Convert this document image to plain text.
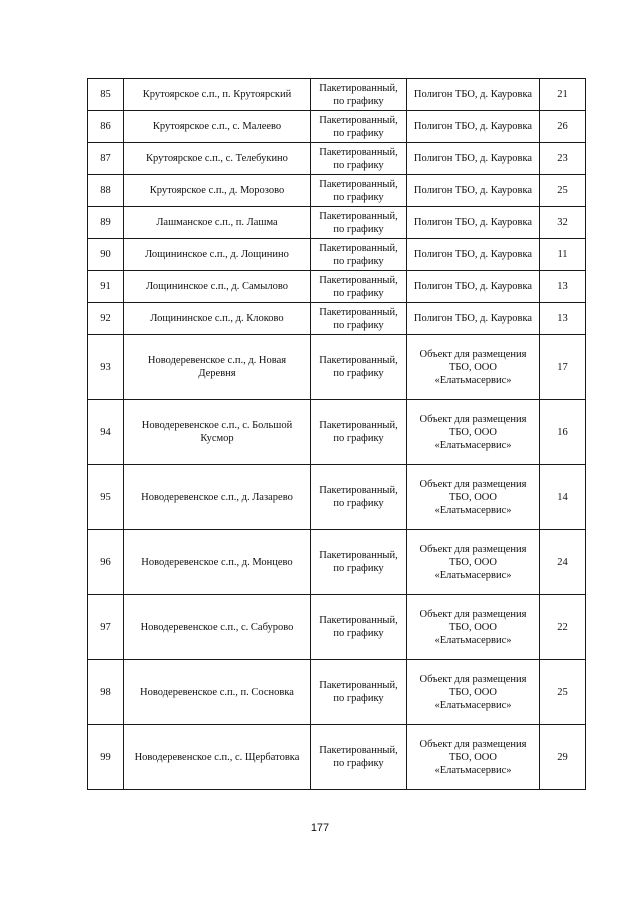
85	Крутоярское с.п., п. Крутоярский	Пакетированный, по графику	Полигон ТБО, д. Кауровка	21
86	Крутоярское с.п., с. Малеево	Пакетированный, по графику	Полигон ТБО, д. Кауровка	26
87	Крутоярское с.п., с. Телебукино	Пакетированный, по графику	Полигон ТБО, д. Кауровка	23
88	Крутоярское с.п., д. Морозово	Пакетированный, по графику	Полигон ТБО, д. Кауровка	25
89	Лашманское с.п., п. Лашма	Пакетированный, по графику	Полигон ТБО, д. Кауровка	32
90	Лощининское с.п., д. Лощинино	Пакетированный, по графику	Полигон ТБО, д. Кауровка	11
91	Лощининское с.п., д. Самылово	Пакетированный, по графику	Полигон ТБО, д. Кауровка	13
92	Лощининское с.п., д. Клоково	Пакетированный, по графику	Полигон ТБО, д. Кауровка	13
93	Новодеревенское с.п., д. Новая Деревня	Пакетированный, по графику	Объект для размещения ТБО, ООО «Елатьмасервис»	17
94	Новодеревенское с.п., с. Большой Кусмор	Пакетированный, по графику	Объект для размещения ТБО, ООО «Елатьмасервис»	16
95	Новодеревенское с.п., д. Лазарево	Пакетированный, по графику	Объект для размещения ТБО, ООО «Елатьмасервис»	14
96	Новодеревенское с.п., д. Монцево	Пакетированный, по графику	Объект для размещения ТБО, ООО «Елатьмасервис»	24
97	Новодеревенское с.п., с. Сабурово	Пакетированный, по графику	Объект для размещения ТБО, ООО «Елатьмасервис»	22
98	Новодеревенское с.п., п. Сосновка	Пакетированный, по графику	Объект для размещения ТБО, ООО «Елатьмасервис»	25
99	Новодеревенское с.п., с. Щербатовка	Пакетированный, по графику	Объект для размещения ТБО, ООО «Елатьмасервис»	29
177
